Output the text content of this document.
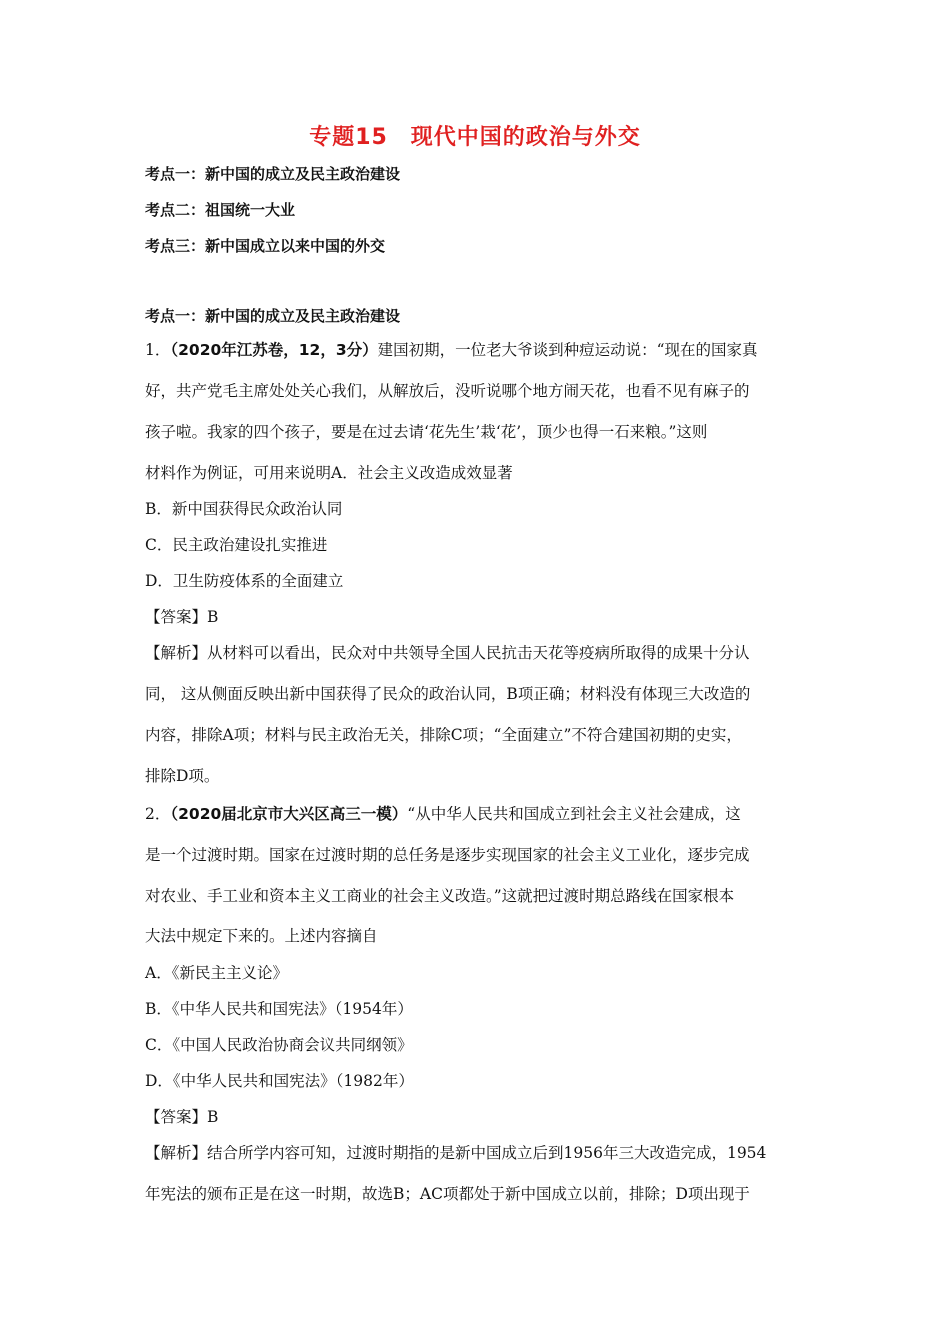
专题15　现代中国的政治与外交
考点一：新中国的成立及民主政治建设
考点二：祖国统一大业
考点三：新中国成立以来中国的外交
考点一：新中国的成立及民主政治建设
1．（2020年江苏卷，12，3分）建国初期，一位老大爷谈到种痘运动说：“现在的国家真
好，共产党毛主席处处关心我们，从解放后，没听说哪个地方闹天花，也看不见有麻子的
孩子啦。我家的四个孩子，要是在过去请‘花先生’栽‘花’，顶少也得一石来粮。”这则
材料作为例证，可用来说明A．社会主义改造成效显著
B．新中国获得民众政治认同
C．民主政治建设扎实推进
D．卫生防疫体系的全面建立
【答案】B
【解析】从材料可以看出，民众对中共领导全国人民抗击天花等疫病所取得的成果十分认
同， 这从侧面反映出新中国获得了民众的政治认同，B项正确；材料没有体现三大改造的
内容，排除A项；材料与民主政治无关，排除C项；“全面建立”不符合建国初期的史实，
排除D项。
2．（2020届北京市大兴区高三一模）“从中华人民共和国成立到社会主义社会建成，这
是一个过渡时期。国家在过渡时期的总任务是逐步实现国家的社会主义工业化，逐步完成
对农业、手工业和资本主义工商业的社会主义改造。”这就把过渡时期总路线在国家根本
大法中规定下来的。上述内容摘自
A．《新民主主义论》
B．《中华人民共和国宪法》（1954年）
C．《中国人民政治协商会议共同纲领》
D．《中华人民共和国宪法》（1982年）
【答案】B
【解析】结合所学内容可知，过渡时期指的是新中国成立后到1956年三大改造完成，1954
年宪法的颁布正是在这一时期，故选B；AC项都处于新中国成立以前，排除；D项出现于
